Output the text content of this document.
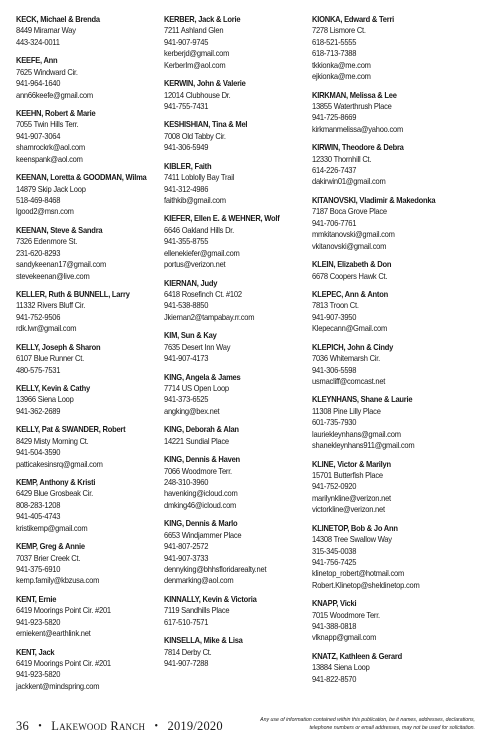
KECK, Michael & Brenda
8449 Miramar Way
443-324-0011
KEEFE, Ann
7625 Windward Cir.
941-964-1640
ann66keefe@gmail.com
KEEHN, Robert & Marie
7055 Twin Hills Terr.
941-907-3064
shamrockrk@aol.com
keenspank@aol.com
KEENAN, Loretta & GOODMAN, Wilma
14879 Skip Jack Loop
518-469-8468
lgood2@msn.com
KEENAN, Steve & Sandra
7326 Edenmore St.
231-620-8293
sandykeenan17@gmail.com
stevekeenan@live.com
KELLER, Ruth & BUNNELL, Larry
11332 Rivers Bluff Cir.
941-752-9506
rdk.lwr@gmail.com
KELLY, Joseph & Sharon
6107 Blue Runner Ct.
480-575-7531
KELLY, Kevin & Cathy
13966 Siena Loop
941-362-2689
KELLY, Pat & SWANDER, Robert
8429 Misty Morning Ct.
941-504-3590
patticakesinsrq@gmail.com
KEMP, Anthony & Kristi
6429 Blue Grosbeak Cir.
808-283-1208
941-405-4743
kristikemp@gmail.com
KEMP, Greg & Annie
7037 Brier Creek Ct.
941-375-6910
kemp.family@kbzusa.com
KENT, Ernie
6419 Moorings Point Cir. #201
941-923-5820
erniekent@earthlink.net
KENT, Jack
6419 Moorings Point Cir. #201
941-923-5820
jackkent@mindspring.com
KERBER, Jack & Lorie
7211 Ashland Glen
941-907-9745
kerberjd@gmail.com
KerberIm@aol.com
KERWIN, John & Valerie
12014 Clubhouse Dr.
941-755-7431
KESHISHIAN, Tina & Mel
7008 Old Tabby Cir.
941-306-5949
KIBLER, Faith
7411 Loblolly Bay Trail
941-312-4986
faithkib@gmail.com
KIEFER, Ellen E. & WEHNER, Wolf
6646 Oakland Hills Dr.
941-355-8755
ellenekiefer@gmail.com
portus@verizon.net
KIERNAN, Judy
6418 Rosefinch Ct. #102
941-538-8850
Jkiernan2@tampabay.rr.com
KIM, Sun & Kay
7635 Desert Inn Way
941-907-4173
KING, Angela & James
7714 US Open Loop
941-373-6525
angking@bex.net
KING, Deborah & Alan
14221 Sundial Place
KING, Dennis & Haven
7066 Woodmore Terr.
248-310-3960
havenking@icloud.com
dmking46@icloud.com
KING, Dennis & Marlo
6653 Windjammer Place
941-807-2572
941-907-3733
dennyking@bhhsfloridarealty.net
denmarking@aol.com
KINNALLY, Kevin & Victoria
7119 Sandhills Place
617-510-7571
KINSELLA, Mike & Lisa
7814 Derby Ct.
941-907-7288
KIONKA, Edward & Terri
7278 Lismore Ct.
618-521-5555
618-713-7388
tkkionka@me.com
ejkionka@me.com
KIRKMAN, Melissa & Lee
13855 Waterthrush Place
941-725-8669
kirkmanmelissa@yahoo.com
KIRWIN, Theodore & Debra
12330 Thornhill Ct.
614-226-7437
dakirwin01@gmail.com
KITANOVSKI, Vladimir & Makedonka
7187 Boca Grove Place
941-706-7761
mmkitanovski@gmail.com
vkitanovski@gmail.com
KLEIN, Elizabeth & Don
6678 Coopers Hawk Ct.
KLEPEC, Ann & Anton
7813 Troon Ct.
941-907-3950
Klepecann@Gmail.com
KLEPICH, John & Cindy
7036 Whitemarsh Cir.
941-306-5598
usmacliff@comcast.net
KLEYNHANS, Shane & Laurie
11308 Pine Lilly Place
601-735-7930
lauriekleynhans@gmail.com
shanekleynhans911@gmail.com
KLINE, Victor & Marilyn
15701 Butterfish Place
941-752-0920
marilynkline@verizon.net
victorkline@verizon.net
KLINETOP, Bob & Jo Ann
14308 Tree Swallow Way
315-345-0038
941-756-7425
klinetop_robert@hotmail.com
Robert.Klinetop@sheldinetop.com
KNAPP, Vicki
7015 Woodmore Terr.
941-388-0818
vlknapp@gmail.com
KNATZ, Kathleen & Gerard
13884 Siena Loop
941-822-8570
36 • Lakewood Ranch • 2019/2020	Any use of information contained within this publication, be it names, addresses, declarations, telephone numbers or email addresses, may not be used for solicitation.
